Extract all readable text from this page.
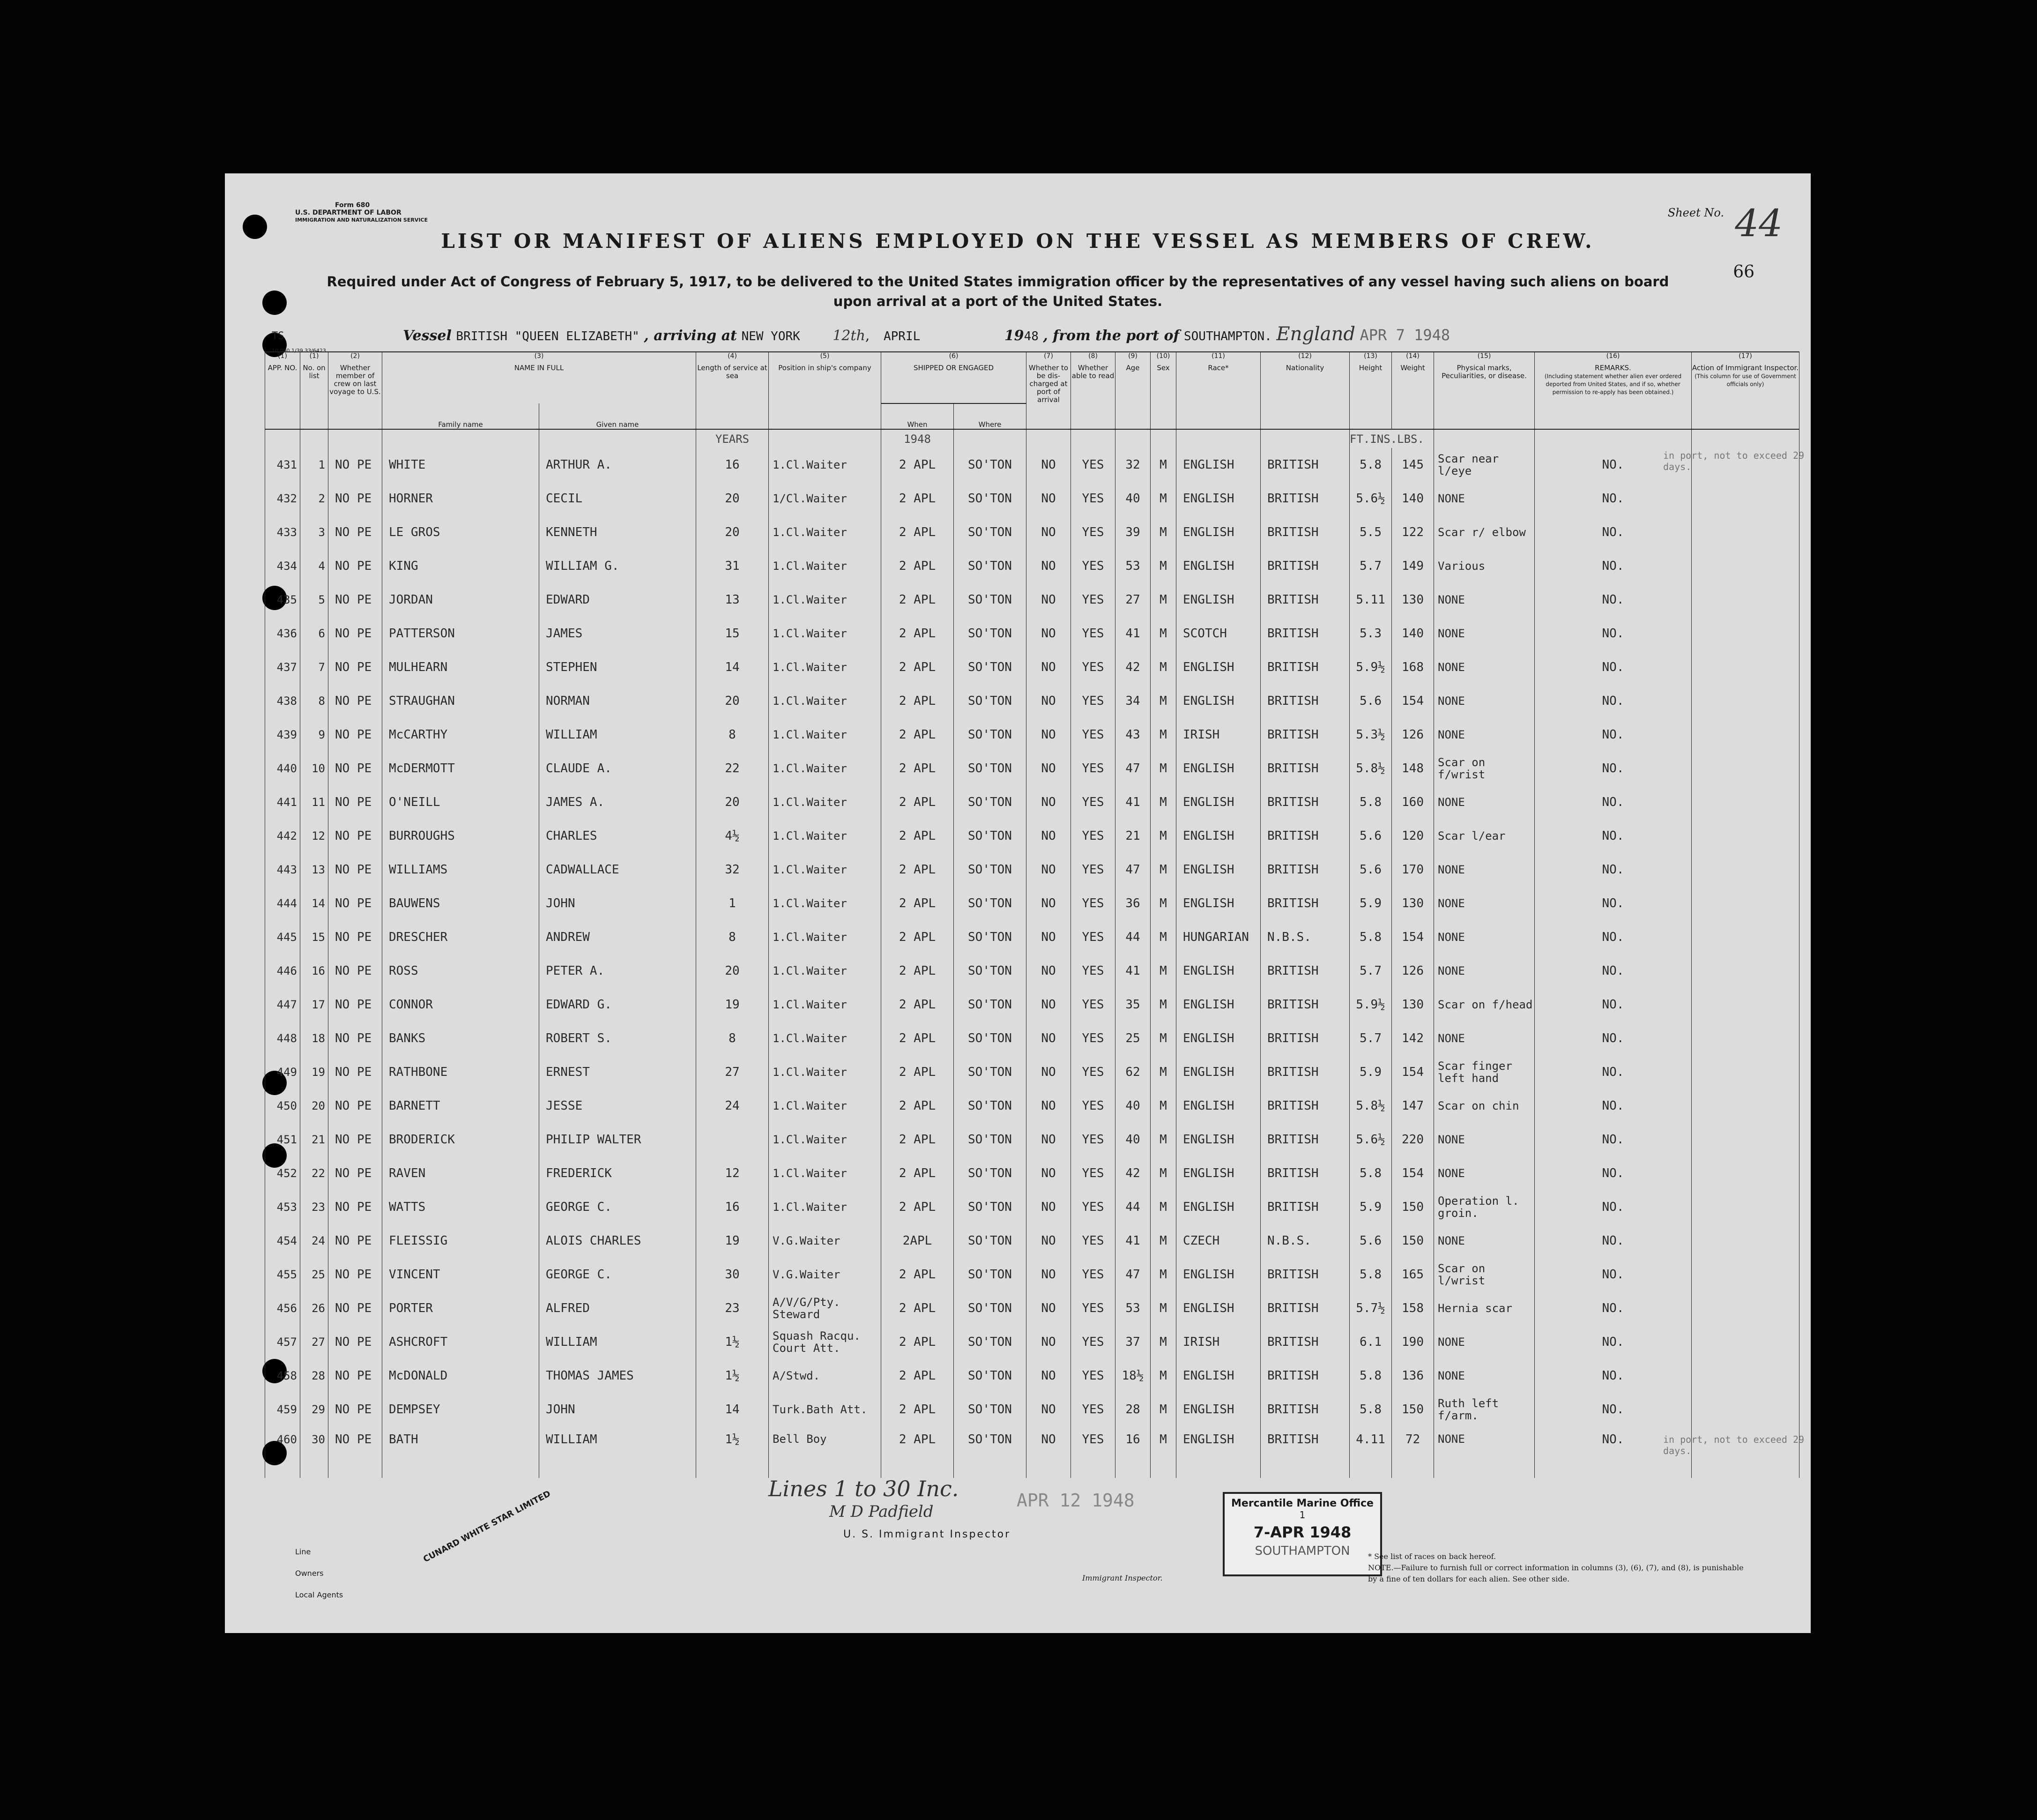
Form 680
U.S. DEPARTMENT OF LABOR
IMMIGRATION AND NATURALIZATION SERVICE
Sheet No. 44
66
LIST OR MANIFEST OF ALIENS EMPLOYED ON THE VESSEL AS MEMBERS OF CREW.
Required under Act of Congress of February 5, 1917, to be delivered to the United States immigration officer by the representatives of any vessel having such aliens on board upon arrival at a port of the United States.
TS
10,000 1/39 33/6423
Vessel BRITISH "QUEEN ELIZABETH" , arriving at NEW YORK 12th, APRIL	1948 , from the port of SOUTHAMPTON. England APR 7 1948
(1)
APP. NO.	(1)
No. on list	(2)
Whether member of crew on last voyage to U.S.	(3)
NAME IN FULL		(4)
Length of service at sea	(5)
Position in ship's company	(6)
SHIPPED OR ENGAGED		(7)
Whether to be dis-charged at port of arrival	(8)
Whether able to read	(9)
Age	(10)
Sex	(11)
Race*	(12)
Nationality	(13)
Height	(14)
Weight	(15)
Physical marks, Peculiarities, or disease.	(16)
REMARKS.
(Including statement whether alien ever ordered deported from United States, and if so, whether permission to re-apply has been obtained.)	(17)
Action of Immigrant Inspector.
(This column for use of Government officials only)
			Family name	Given name			When	Where											
					YEARS		1948								FT.INS.LBS.				
431	1	NO PE	WHITE	ARTHUR A.	16	1.Cl.Waiter	2 APL	SO'TON	NO	YES	32	M	ENGLISH	BRITISH	5.8	145	Scar near l/eye	NO.	
432	2	NO PE	HORNER	CECIL	20	1/Cl.Waiter	2 APL	SO'TON	NO	YES	40	M	ENGLISH	BRITISH	5.6½	140	NONE	NO.	
433	3	NO PE	LE GROS	KENNETH	20	1.Cl.Waiter	2 APL	SO'TON	NO	YES	39	M	ENGLISH	BRITISH	5.5	122	Scar r/ elbow	NO.	
434	4	NO PE	KING	WILLIAM G.	31	1.Cl.Waiter	2 APL	SO'TON	NO	YES	53	M	ENGLISH	BRITISH	5.7	149	Various	NO.	
435	5	NO PE	JORDAN	EDWARD	13	1.Cl.Waiter	2 APL	SO'TON	NO	YES	27	M	ENGLISH	BRITISH	5.11	130	NONE	NO.	
436	6	NO PE	PATTERSON	JAMES	15	1.Cl.Waiter	2 APL	SO'TON	NO	YES	41	M	SCOTCH	BRITISH	5.3	140	NONE	NO.	
437	7	NO PE	MULHEARN	STEPHEN	14	1.Cl.Waiter	2 APL	SO'TON	NO	YES	42	M	ENGLISH	BRITISH	5.9½	168	NONE	NO.	
438	8	NO PE	STRAUGHAN	NORMAN	20	1.Cl.Waiter	2 APL	SO'TON	NO	YES	34	M	ENGLISH	BRITISH	5.6	154	NONE	NO.	
439	9	NO PE	McCARTHY	WILLIAM	8	1.Cl.Waiter	2 APL	SO'TON	NO	YES	43	M	IRISH	BRITISH	5.3½	126	NONE	NO.	
440	10	NO PE	McDERMOTT	CLAUDE A.	22	1.Cl.Waiter	2 APL	SO'TON	NO	YES	47	M	ENGLISH	BRITISH	5.8½	148	Scar on f/wrist	NO.	
441	11	NO PE	O'NEILL	JAMES A.	20	1.Cl.Waiter	2 APL	SO'TON	NO	YES	41	M	ENGLISH	BRITISH	5.8	160	NONE	NO.	
442	12	NO PE	BURROUGHS	CHARLES	4½	1.Cl.Waiter	2 APL	SO'TON	NO	YES	21	M	ENGLISH	BRITISH	5.6	120	Scar l/ear	NO.	
443	13	NO PE	WILLIAMS	CADWALLACE	32	1.Cl.Waiter	2 APL	SO'TON	NO	YES	47	M	ENGLISH	BRITISH	5.6	170	NONE	NO.	
444	14	NO PE	BAUWENS	JOHN	1	1.Cl.Waiter	2 APL	SO'TON	NO	YES	36	M	ENGLISH	BRITISH	5.9	130	NONE	NO.	
445	15	NO PE	DRESCHER	ANDREW	8	1.Cl.Waiter	2 APL	SO'TON	NO	YES	44	M	HUNGARIAN	N.B.S.	5.8	154	NONE	NO.	
446	16	NO PE	ROSS	PETER A.	20	1.Cl.Waiter	2 APL	SO'TON	NO	YES	41	M	ENGLISH	BRITISH	5.7	126	NONE	NO.	
447	17	NO PE	CONNOR	EDWARD G.	19	1.Cl.Waiter	2 APL	SO'TON	NO	YES	35	M	ENGLISH	BRITISH	5.9½	130	Scar on f/head	NO.	
448	18	NO PE	BANKS	ROBERT S.	8	1.Cl.Waiter	2 APL	SO'TON	NO	YES	25	M	ENGLISH	BRITISH	5.7	142	NONE	NO.	
449	19	NO PE	RATHBONE	ERNEST	27	1.Cl.Waiter	2 APL	SO'TON	NO	YES	62	M	ENGLISH	BRITISH	5.9	154	Scar finger left hand	NO.	
450	20	NO PE	BARNETT	JESSE	24	1.Cl.Waiter	2 APL	SO'TON	NO	YES	40	M	ENGLISH	BRITISH	5.8½	147	Scar on chin	NO.	
451	21	NO PE	BRODERICK	PHILIP WALTER		1.Cl.Waiter	2 APL	SO'TON	NO	YES	40	M	ENGLISH	BRITISH	5.6½	220	NONE	NO.	
452	22	NO PE	RAVEN	FREDERICK	12	1.Cl.Waiter	2 APL	SO'TON	NO	YES	42	M	ENGLISH	BRITISH	5.8	154	NONE	NO.	
453	23	NO PE	WATTS	GEORGE C.	16	1.Cl.Waiter	2 APL	SO'TON	NO	YES	44	M	ENGLISH	BRITISH	5.9	150	Operation l. groin.	NO.	
454	24	NO PE	FLEISSIG	ALOIS CHARLES	19	V.G.Waiter	2APL	SO'TON	NO	YES	41	M	CZECH	N.B.S.	5.6	150	NONE	NO.	
455	25	NO PE	VINCENT	GEORGE C.	30	V.G.Waiter	2 APL	SO'TON	NO	YES	47	M	ENGLISH	BRITISH	5.8	165	Scar on l/wrist	NO.	
456	26	NO PE	PORTER	ALFRED	23	A/V/G/Pty. Steward	2 APL	SO'TON	NO	YES	53	M	ENGLISH	BRITISH	5.7½	158	Hernia scar	NO.	
457	27	NO PE	ASHCROFT	WILLIAM	1½	Squash Racqu. Court Att.	2 APL	SO'TON	NO	YES	37	M	IRISH	BRITISH	6.1	190	NONE	NO.	
458	28	NO PE	McDONALD	THOMAS JAMES	1½	A/Stwd.	2 APL	SO'TON	NO	YES	18½	M	ENGLISH	BRITISH	5.8	136	NONE	NO.	
459	29	NO PE	DEMPSEY	JOHN	14	Turk.Bath Att.	2 APL	SO'TON	NO	YES	28	M	ENGLISH	BRITISH	5.8	150	Ruth left f/arm.	NO.	
460	30	NO PE	BATH	WILLIAM	1½	Bell Boy	2 APL	SO'TON	NO	YES	16	M	ENGLISH	BRITISH	4.11	72	NONE	NO.	
Line
Owners
Local Agents
CUNARD WHITE STAR LIMITED
Lines 1 to 30 Inc.
M D Padfield
U. S. Immigrant Inspector
Immigrant Inspector.
APR 12 1948	Mercantile Marine Office
1
7-APR 1948
SOUTHAMPTON	* See list of races on back hereof.
NOTE.—Failure to furnish full or correct information in columns (3), (6), (7), and (8), is punishable by a fine of ten dollars for each alien. See other side.
in port, not to exceed 29 days.
in port, not to exceed 29 days.
